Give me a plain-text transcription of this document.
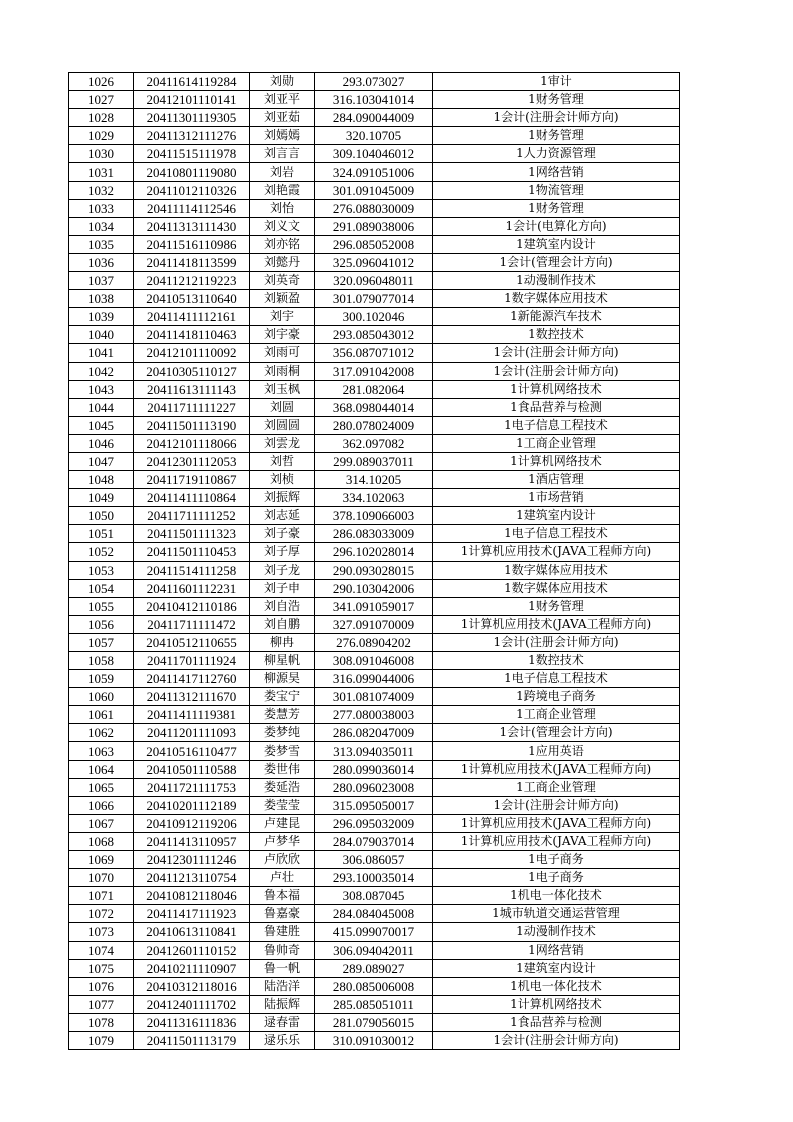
1026	20411614119284	刘勋	293.073027	1审计
1027	20412101110141	刘亚平	316.103041014	1财务管理
1028	20411301119305	刘亚茹	284.090044009	1会计(注册会计师方向)
1029	20411312111276	刘嫣嫣	320.10705	1财务管理
1030	20411515111978	刘言言	309.104046012	1人力资源管理
1031	20410801119080	刘岩	324.091051006	1网络营销
1032	20411012110326	刘艳霞	301.091045009	1物流管理
1033	20411114112546	刘怡	276.088030009	1财务管理
1034	20411313111430	刘义文	291.089038006	1会计(电算化方向)
1035	20411516110986	刘亦铭	296.085052008	1建筑室内设计
1036	20411418113599	刘懿丹	325.096041012	1会计(管理会计方向)
1037	20411212119223	刘英奇	320.096048011	1动漫制作技术
1038	20410513110640	刘颖盈	301.079077014	1数字媒体应用技术
1039	20411411112161	刘宇	300.102046	1新能源汽车技术
1040	20411418110463	刘宇豪	293.085043012	1数控技术
1041	20412101110092	刘雨可	356.087071012	1会计(注册会计师方向)
1042	20410305110127	刘雨桐	317.091042008	1会计(注册会计师方向)
1043	20411613111143	刘玉枫	281.082064	1计算机网络技术
1044	20411711111227	刘圆	368.098044014	1食品营养与检测
1045	20411501113190	刘圆圆	280.078024009	1电子信息工程技术
1046	20412101118066	刘雲龙	362.097082	1工商企业管理
1047	20412301112053	刘哲	299.089037011	1计算机网络技术
1048	20411719110867	刘桢	314.10205	1酒店管理
1049	20411411110864	刘振辉	334.102063	1市场营销
1050	20411711111252	刘志延	378.109066003	1建筑室内设计
1051	20411501111323	刘子豪	286.083033009	1电子信息工程技术
1052	20411501110453	刘子厚	296.102028014	1计算机应用技术(JAVA工程师方向)
1053	20411514111258	刘子龙	290.093028015	1数字媒体应用技术
1054	20411601112231	刘子申	290.103042006	1数字媒体应用技术
1055	20410412110186	刘自浩	341.091059017	1财务管理
1056	20411711111472	刘自鹏	327.091070009	1计算机应用技术(JAVA工程师方向)
1057	20410512110655	柳冉	276.08904202	1会计(注册会计师方向)
1058	20411701111924	柳星帆	308.091046008	1数控技术
1059	20411417112760	柳源昊	316.099044006	1电子信息工程技术
1060	20411312111670	娄宝宁	301.081074009	1跨境电子商务
1061	20411411119381	娄慧芳	277.080038003	1工商企业管理
1062	20411201111093	娄梦纯	286.082047009	1会计(管理会计方向)
1063	20410516110477	娄梦雪	313.094035011	1应用英语
1064	20410501110588	娄世伟	280.099036014	1计算机应用技术(JAVA工程师方向)
1065	20411721111753	娄延浩	280.096023008	1工商企业管理
1066	20410201112189	娄莹莹	315.095050017	1会计(注册会计师方向)
1067	20410912119206	卢建昆	296.095032009	1计算机应用技术(JAVA工程师方向)
1068	20411413110957	卢梦华	284.079037014	1计算机应用技术(JAVA工程师方向)
1069	20412301111246	卢欣欣	306.086057	1电子商务
1070	20411213110754	卢壮	293.100035014	1电子商务
1071	20410812118046	鲁本福	308.087045	1机电一体化技术
1072	20411417111923	鲁嘉豪	284.084045008	1城市轨道交通运营管理
1073	20410613110841	鲁建胜	415.099070017	1动漫制作技术
1074	20412601110152	鲁帅奇	306.094042011	1网络营销
1075	20410211110907	鲁一帆	289.089027	1建筑室内设计
1076	20410312118016	陆浩洋	280.085006008	1机电一体化技术
1077	20412401111702	陆振辉	285.085051011	1计算机网络技术
1078	20411316111836	逯春雷	281.079056015	1食品营养与检测
1079	20411501113179	逯乐乐	310.091030012	1会计(注册会计师方向)
